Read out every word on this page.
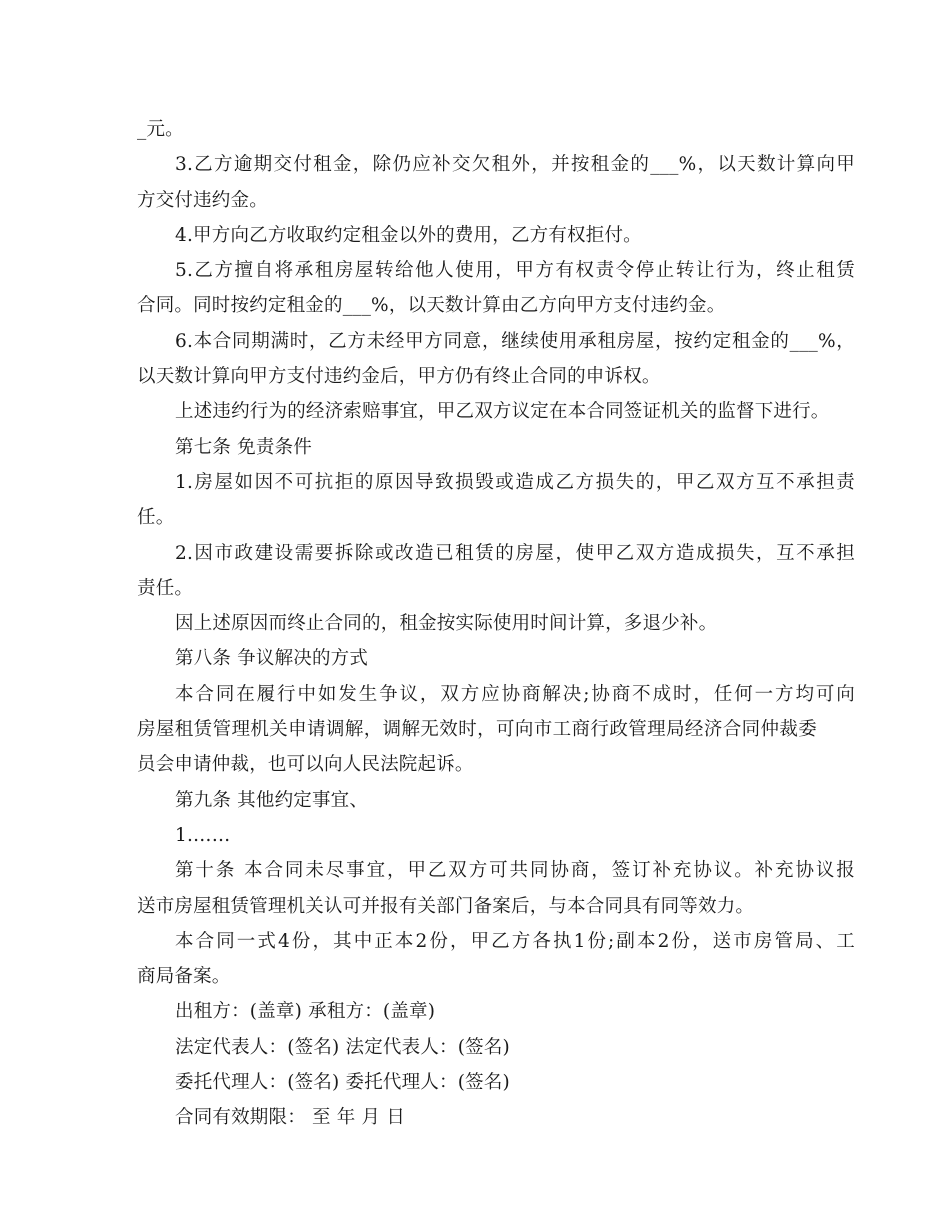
_元。
3.乙方逾期交付租金，除仍应补交欠租外，并按租金的___%，以天数计算向甲
方交付违约金。
4.甲方向乙方收取约定租金以外的费用，乙方有权拒付。
5.乙方擅自将承租房屋转给他人使用，甲方有权责令停止转让行为，终止租赁
合同。同时按约定租金的___%，以天数计算由乙方向甲方支付违约金。
6.本合同期满时，乙方未经甲方同意，继续使用承租房屋，按约定租金的___%，
以天数计算向甲方支付违约金后，甲方仍有终止合同的申诉权。
上述违约行为的经济索赔事宜，甲乙双方议定在本合同签证机关的监督下进行。
第七条 免责条件
1.房屋如因不可抗拒的原因导致损毁或造成乙方损失的，甲乙双方互不承担责
任。
2.因市政建设需要拆除或改造已租赁的房屋，使甲乙双方造成损失，互不承担
责任。
因上述原因而终止合同的，租金按实际使用时间计算，多退少补。
第八条 争议解决的方式
本合同在履行中如发生争议，双方应协商解决;协商不成时，任何一方均可向
房屋租赁管理机关申请调解，调解无效时，可向市工商行政管理局经济合同仲裁委
员会申请仲裁，也可以向人民法院起诉。
第九条 其他约定事宜、
1.……
第十条 本合同未尽事宜，甲乙双方可共同协商，签订补充协议。补充协议报
送市房屋租赁管理机关认可并报有关部门备案后，与本合同具有同等效力。
本合同一式4份，其中正本2份，甲乙方各执1份;副本2份，送市房管局、工
商局备案。
出租方：(盖章) 承租方：(盖章)
法定代表人：(签名) 法定代表人：(签名)
委托代理人：(签名) 委托代理人：(签名)
合同有效期限： 至 年 月 日
